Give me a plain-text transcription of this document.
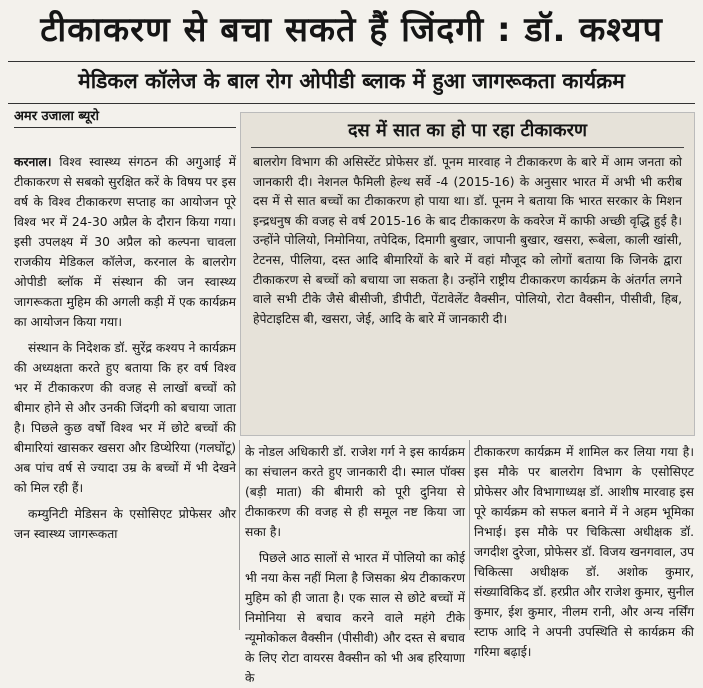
टीकाकरण से बचा सकते हैं जिंदगी : डॉ. कश्यप
मेडिकल कॉलेज के बाल रोग ओपीडी ब्लाक में हुआ जागरूकता कार्यक्रम
अमर उजाला ब्यूरो

करनाल। विश्व स्वास्थ्य संगठन की अगुआई में टीकाकरण से सबको सुरक्षित करें के विषय पर इस वर्ष के विश्व टीकाकरण सप्ताह का आयोजन पूरे विश्व भर में 24-30 अप्रैल के दौरान किया गया। इसी उपलक्ष्य में 30 अप्रैल को कल्पना चावला राजकीय मेडिकल कॉलेज, करनाल के बालरोग ओपीडी ब्लॉक में संस्थान की जन स्वास्थ्य जागरूकता मुहिम की अगली कड़ी में एक कार्यक्रम का आयोजन किया गया।

संस्थान के निदेशक डॉ. सुरेंद्र कश्यप ने कार्यक्रम की अध्यक्षता करते हुए बताया कि हर वर्ष विश्व भर में टीकाकरण की वजह से लाखों बच्चों को बीमार होने से और उनकी जिंदगी को बचाया जाता है। पिछले कुछ वर्षों विश्व भर में छोटे बच्चों की बीमारियां खासकर खसरा और डिप्थेरिया (गलघोंटू) अब पांच वर्ष से ज्यादा उम्र के बच्चों में भी देखने को मिल रही हैं।

कम्युनिटी मेडिसन के एसोसिएट प्रोफेसर और जन स्वास्थ्य जागरूकता

दस में सात का हो पा रहा टीकाकरण
बालरोग विभाग की असिस्टेंट प्रोफेसर डॉ. पूनम मारवाह ने टीकाकरण के बारे में आम जनता को जानकारी दी। नेशनल फैमिली हेल्थ सर्वे -4 (2015-16) के अनुसार भारत में अभी भी करीब दस में से सात बच्चों का टीकाकरण हो पाया था। डॉ. पूनम ने बताया कि भारत सरकार के मिशन इन्द्रधनुष की वजह से वर्ष 2015-16 के बाद टीकाकरण के कवरेज में काफी अच्छी वृद्धि हुई है। उन्होंने पोलियो, निमोनिया, तपेदिक, दिमागी बुखार, जापानी बुखार, खसरा, रूबेला, काली खांसी, टेटनस, पीलिया, दस्त आदि बीमारियों के बारे में वहां मौजूद को लोगों बताया कि जिनके द्वारा टीकाकरण से बच्चों को बचाया जा सकता है। उन्होंने राष्ट्रीय टीकाकरण कार्यक्रम के अंतर्गत लगने वाले सभी टीके जैसे बीसीजी, डीपीटी, पेंटावेलेंट वैक्सीन, पोलियो, रोटा वैक्सीन, पीसीवी, हिब, हेपेटाइटिस बी, खसरा, जेई, आदि के बारे में जानकारी दी।

के नोडल अधिकारी डॉ. राजेश गर्ग ने इस कार्यक्रम का संचालन करते हुए जानकारी दी। स्माल पॉक्स (बड़ी माता) की बीमारी को पूरी दुनिया से टीकाकरण की वजह से ही समूल नष्ट किया जा सका है।

पिछले आठ सालों से भारत में पोलियो का कोई भी नया केस नहीं मिला है जिसका श्रेय टीकाकरण मुहिम को ही जाता है। एक साल से छोटे बच्चों में निमोनिया से बचाव करने वाले महंगे टीके न्यूमोकोकल वैक्सीन (पीसीवी) और दस्त से बचाव के लिए रोटा वायरस वैक्सीन को भी अब हरियाणा के

टीकाकरण कार्यक्रम में शामिल कर लिया गया है। इस मौके पर बालरोग विभाग के एसोसिएट प्रोफेसर और विभागाध्यक्ष डॉ. आशीष मारवाह इस पूरे कार्यक्रम को सफल बनाने में ने अहम भूमिका निभाई। इस मौके पर चिकित्सा अधीक्षक डॉ. जगदीश दुरेजा, प्रोफेसर डॉ. विजय खनगवाल, उप चिकित्सा अधीक्षक डॉ. अशोक कुमार, संख्याविकिद डॉ. हरप्रीत और राजेश कुमार, सुनील कुमार, ईश कुमार, नीलम रानी, और अन्य नर्सिंग स्टाफ आदि ने अपनी उपस्थिति से कार्यक्रम की गरिमा बढ़ाई।
